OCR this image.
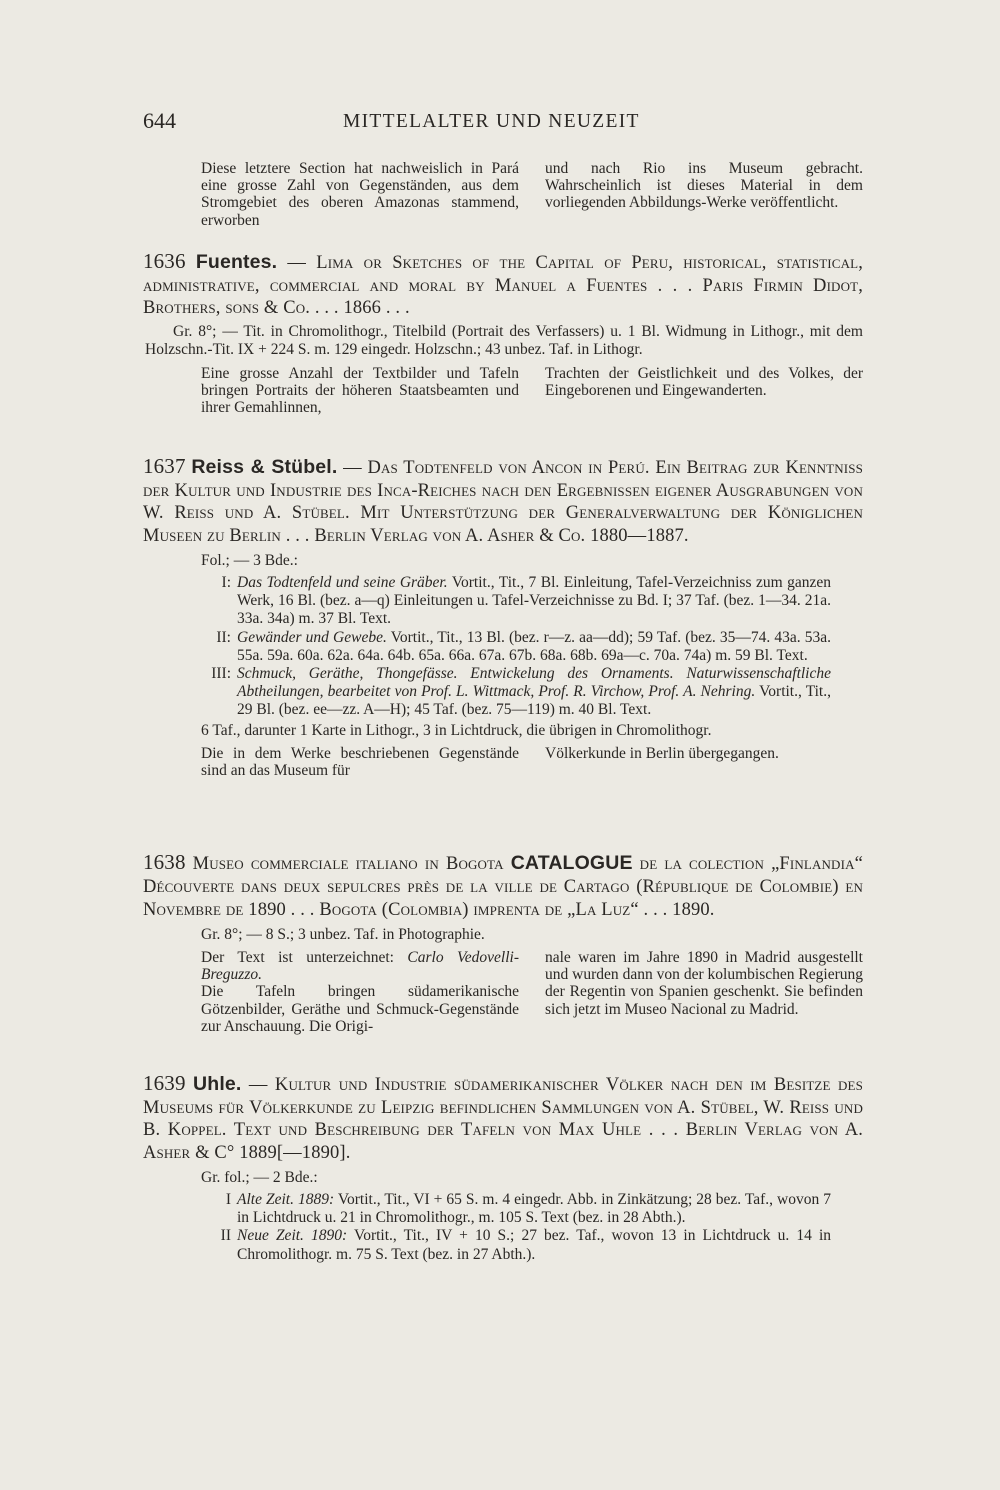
644	MITTELALTER UND NEUZEIT
Diese letztere Section hat nachweislich in Pará eine grosse Zahl von Gegenständen, aus dem Stromgebiet des oberen Amazonas stammend, erworben
und nach Rio ins Museum gebracht. Wahrscheinlich ist dieses Material in dem vorliegenden Abbildungs-Werke veröffentlicht.
1636 Fuentes. — Lima or Sketches of the Capital of Peru, historical, statistical, administrative, commercial and moral by Manuel a Fuentes . . . Paris Firmin Didot, Brothers, sons & Co. . . . 1866 . . .
Gr. 8°; — Tit. in Chromolithogr., Titelbild (Portrait des Verfassers) u. 1 Bl. Widmung in Lithogr., mit dem Holzschn.-Tit. IX + 224 S. m. 129 eingedr. Holzschn.; 43 unbez. Taf. in Lithogr.
Eine grosse Anzahl der Textbilder und Tafeln bringen Portraits der höheren Staatsbeamten und ihrer Gemahlinnen,
Trachten der Geistlichkeit und des Volkes, der Eingeborenen und Eingewanderten.
1637 Reiss & Stübel. — Das Todtenfeld von Ancon in Perú. Ein Beitrag zur Kenntniss der Kultur und Industrie des Inca-Reiches nach den Ergebnissen eigener Ausgrabungen von W. Reiss und A. Stübel. Mit Unterstützung der Generalverwaltung der Königlichen Museen zu Berlin . . . Berlin Verlag von A. Asher & Co. 1880—1887.
Fol.; — 3 Bde.:
I: Das Todtenfeld und seine Gräber. Vortit., Tit., 7 Bl. Einleitung, Tafel-Verzeichniss zum ganzen Werk, 16 Bl. (bez. a—q) Einleitungen u. Tafel-Verzeichnisse zu Bd. I; 37 Taf. (bez. 1—34. 21a. 33a. 34a) m. 37 Bl. Text.
II: Gewänder und Gewebe. Vortit., Tit., 13 Bl. (bez. r—z. aa—dd); 59 Taf. (bez. 35—74. 43a. 53a. 55a. 59a. 60a. 62a. 64a. 64b. 65a. 66a. 67a. 67b. 68a. 68b. 69a—c. 70a. 74a) m. 59 Bl. Text.
III: Schmuck, Geräthe, Thongefässe. Entwickelung des Ornaments. Naturwissenschaftliche Abtheilungen, bearbeitet von Prof. L. Wittmack, Prof. R. Virchow, Prof. A. Nehring. Vortit., Tit., 29 Bl. (bez. ee—zz. A—H); 45 Taf. (bez. 75—119) m. 40 Bl. Text.
6 Taf., darunter 1 Karte in Lithogr., 3 in Lichtdruck, die übrigen in Chromolithogr.
Die in dem Werke beschriebenen Gegenstände sind an das Museum für
Völkerkunde in Berlin übergegangen.
1638 Museo commerciale italiano in Bogota CATALOGUE de la colection „Finlandia“ Découverte dans deux sepulcres près de la ville de Cartago (République de Colombie) en Novembre de 1890 . . . Bogota (Colombia) imprenta de „La Luz“ . . . 1890.
Gr. 8°; — 8 S.; 3 unbez. Taf. in Photographie.
Der Text ist unterzeichnet: Carlo Vedovelli-Breguzzo.
Die Tafeln bringen südamerikanische Götzenbilder, Geräthe und Schmuck-Gegenstände zur Anschauung. Die Origi-
nale waren im Jahre 1890 in Madrid ausgestellt und wurden dann von der kolumbischen Regierung der Regentin von Spanien geschenkt. Sie befinden sich jetzt im Museo Nacional zu Madrid.
1639 Uhle. — Kultur und Industrie südamerikanischer Völker nach den im Besitze des Museums für Völkerkunde zu Leipzig befindlichen Sammlungen von A. Stübel, W. Reiss und B. Koppel. Text und Beschreibung der Tafeln von Max Uhle . . . Berlin Verlag von A. Asher & C° 1889[—1890].
Gr. fol.; — 2 Bde.:
I Alte Zeit. 1889: Vortit., Tit., VI + 65 S. m. 4 eingedr. Abb. in Zinkätzung; 28 bez. Taf., wovon 7 in Lichtdruck u. 21 in Chromolithogr., m. 105 S. Text (bez. in 28 Abth.).
II Neue Zeit. 1890: Vortit., Tit., IV + 10 S.; 27 bez. Taf., wovon 13 in Lichtdruck u. 14 in Chromolithogr. m. 75 S. Text (bez. in 27 Abth.).
